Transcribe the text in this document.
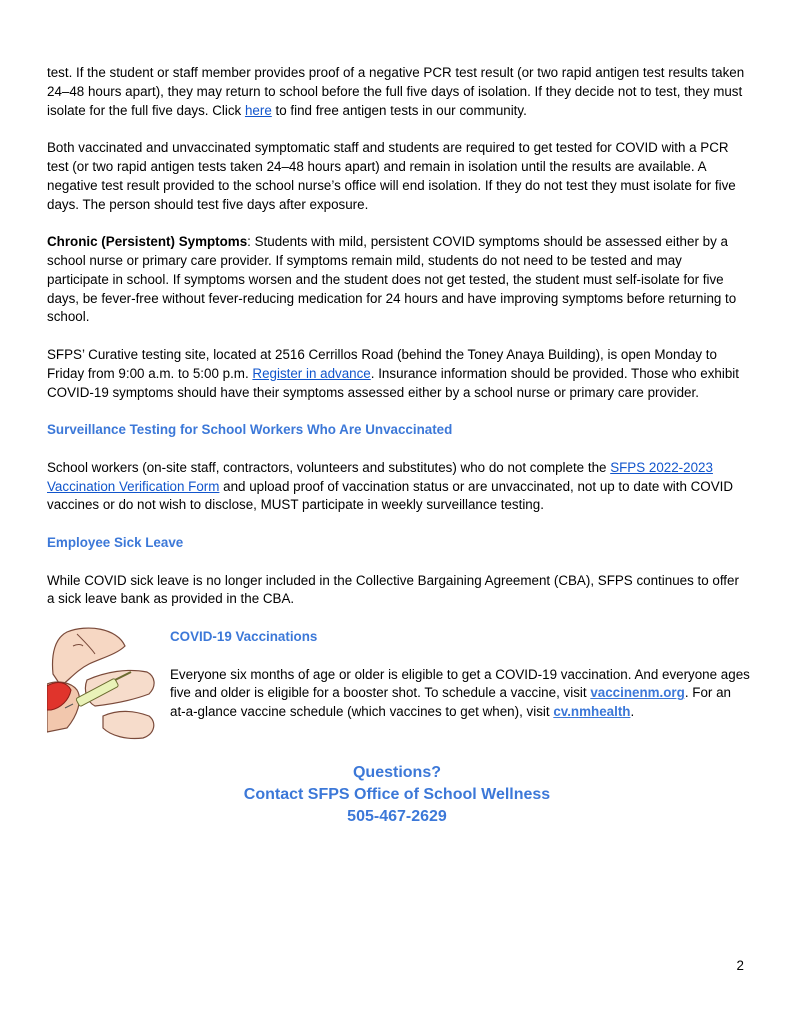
test. If the student or staff member provides proof of a negative PCR test result (or two rapid antigen test results taken 24–48 hours apart), they may return to school before the full five days of isolation. If they decide not to test, they must isolate for the full five days. Click here to find free antigen tests in our community.

Both vaccinated and unvaccinated symptomatic staff and students are required to get tested for COVID with a PCR test (or two rapid antigen tests taken 24–48 hours apart) and remain in isolation until the results are available. A negative test result provided to the school nurse’s office will end isolation. If they do not test they must isolate for five days. The person should test five days after exposure.

Chronic (Persistent) Symptoms: Students with mild, persistent COVID symptoms should be assessed either by a school nurse or primary care provider. If symptoms remain mild, students do not need to be tested and may participate in school. If symptoms worsen and the student does not get tested, the student must self-isolate for five days, be fever-free without fever-reducing medication for 24 hours and have improving symptoms before returning to school.

SFPS’ Curative testing site, located at 2516 Cerrillos Road (behind the Toney Anaya Building), is open Monday to Friday from 9:00 a.m. to 5:00 p.m. Register in advance. Insurance information should be provided. Those who exhibit COVID-19 symptoms should have their symptoms assessed either by a school nurse or primary care provider.

Surveillance Testing for School Workers Who Are Unvaccinated

School workers (on-site staff, contractors, volunteers and substitutes) who do not complete the SFPS 2022-2023 Vaccination Verification Form and upload proof of vaccination status or are unvaccinated, not up to date with COVID vaccines or do not wish to disclose, MUST participate in weekly surveillance testing.

Employee Sick Leave

While COVID sick leave is no longer included in the Collective Bargaining Agreement (CBA), SFPS continues to offer a sick leave bank as provided in the CBA.

COVID-19 Vaccinations

Everyone six months of age or older is eligible to get a COVID-19 vaccination. And everyone ages five and older is eligible for a booster shot. To schedule a vaccine, visit vaccinenm.org. For an at-a-glance vaccine schedule (which vaccines to get when), visit cv.nmhealth.

Questions?
Contact SFPS Office of School Wellness
505-467-2629
2
